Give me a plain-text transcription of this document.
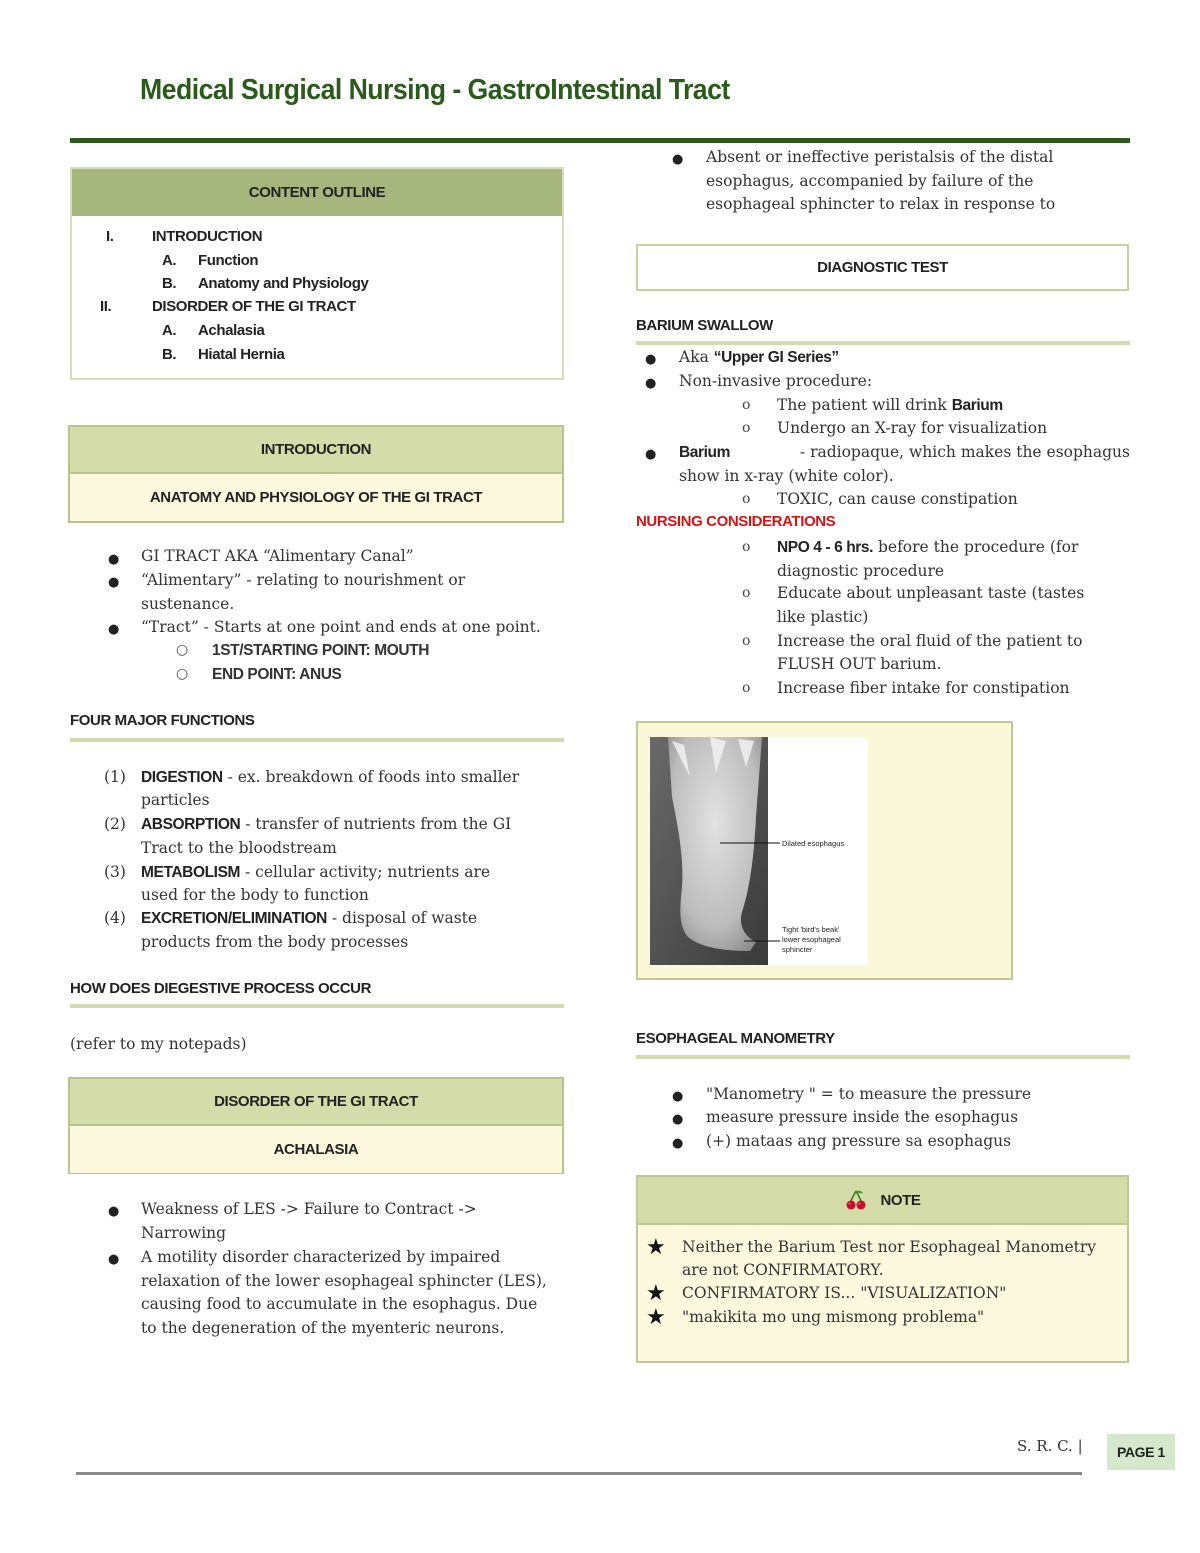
Medical Surgical Nursing - GastroIntestinal Tract
CONTENT OUTLINE
I.	INTRODUCTION
A. Function
B. Anatomy and Physiology
II.	DISORDER OF THE GI TRACT
A. Achalasia
B. Hiatal Hernia
INTRODUCTION
ANATOMY AND PHYSIOLOGY OF THE GI TRACT
● GI TRACT AKA “Alimentary Canal”
● “Alimentary” - relating to nourishment or
sustenance.
● “Tract” - Starts at one point and ends at one point.
○ 1ST/STARTING POINT: MOUTH
○ END POINT: ANUS
FOUR MAJOR FUNCTIONS
(1) DIGESTION - ex. breakdown of foods into smaller
particles
(2) ABSORPTION - transfer of nutrients from the GI
Tract to the bloodstream
(3) METABOLISM - cellular activity; nutrients are
used for the body to function
(4) EXCRETION/ELIMINATION - disposal of waste
products from the body processes
HOW DOES DIEGESTIVE PROCESS OCCUR
(refer to my notepads)
DISORDER OF THE GI TRACT
ACHALASIA
● Weakness of LES -> Failure to Contract ->
Narrowing
● A motility disorder characterized by impaired
relaxation of the lower esophageal sphincter (LES),
causing food to accumulate in the esophagus. Due
to the degeneration of the myenteric neurons.
● Absent or ineffective peristalsis of the distal
esophagus, accompanied by failure of the
esophageal sphincter to relax in response to
DIAGNOSTIC TEST
BARIUM SWALLOW
● Aka “Upper GI Series”
● Non-invasive procedure:
o The patient will drink Barium
o Undergo an X-ray for visualization
● Barium	- radiopaque, which makes the esophagus
show in x-ray (white color).
o TOXIC, can cause constipation
NURSING CONSIDERATIONS
o NPO 4 - 6 hrs. before the procedure (for
diagnostic procedure
o Educate about unpleasant taste (tastes
like plastic)
o Increase the oral fluid of the patient to
FLUSH OUT barium.
o Increase fiber intake for constipation
Dilated esophagus
Tight 'bird's beak'
lower esophageal
sphincter
ESOPHAGEAL MANOMETRY
● "Manometry " = to measure the pressure
● measure pressure inside the esophagus
● (+) mataas ang pressure sa esophagus
NOTE
★ Neither the Barium Test nor Esophageal Manometry
are not CONFIRMATORY.
★ CONFIRMATORY IS... "VISUALIZATION"
★ "makikita mo ung mismong problema"
S. R. C. |	PAGE 1
